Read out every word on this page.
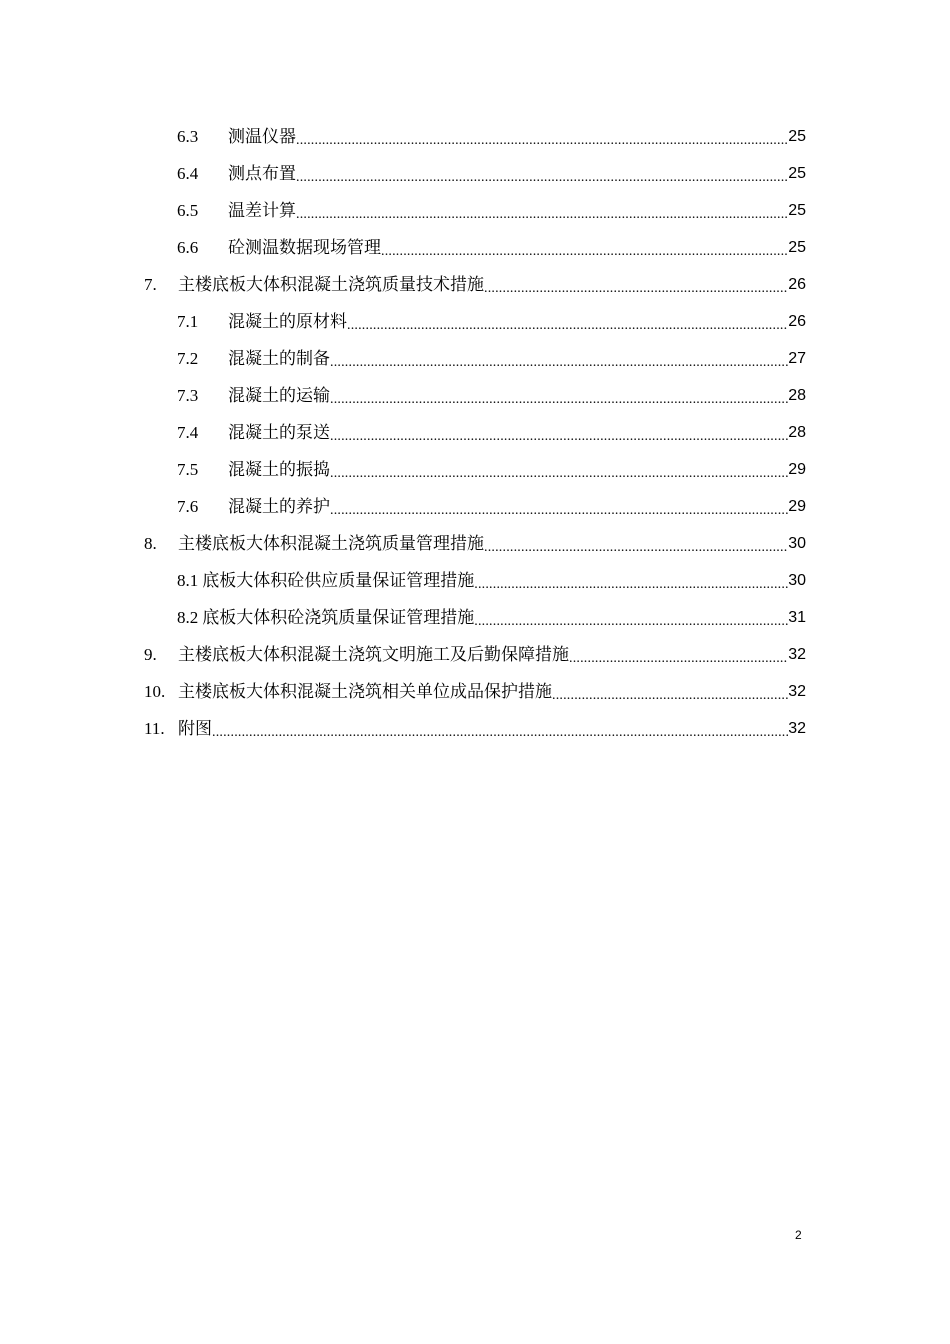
6.3	测温仪器 .....	25
6.4	测点布置 .....	25
6.5	温差计算 .....	25
6.6	砼测温数据现场管理 .....	25
7.	主楼底板大体积混凝土浇筑质量技术措施 .....	26
7.1	混凝土的原材料 .....	26
7.2	混凝土的制备 .....	27
7.3	混凝土的运输 .....	28
7.4	混凝土的泵送 .....	28
7.5	混凝土的振捣 .....	29
7.6	混凝土的养护 .....	29
8.	主楼底板大体积混凝土浇筑质量管理措施 .....	30
8.1 底板大体积砼供应质量保证管理措施 .....	30
8.2 底板大体积砼浇筑质量保证管理措施 .....	31
9.	主楼底板大体积混凝土浇筑文明施工及后勤保障措施 .....	32
10. 主楼底板大体积混凝土浇筑相关单位成品保护措施 .....	32
11. 附图 .....	32
2
